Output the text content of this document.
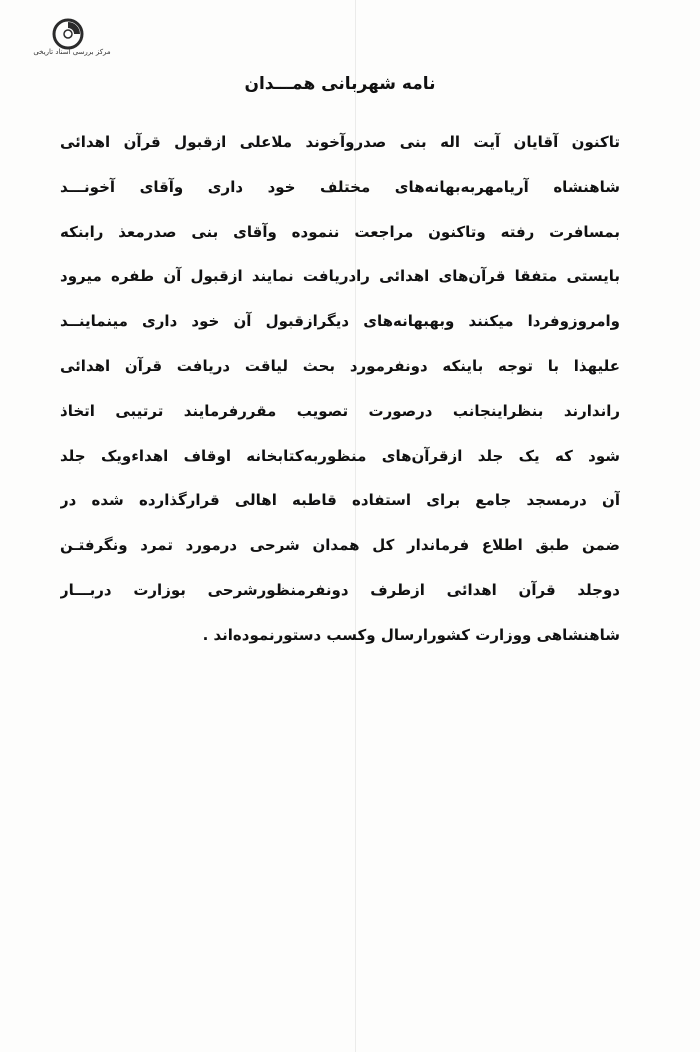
مرکز بررسی اسناد تاریخی
نامه شهربانی همـــدان
تاکنون آقایان آیت اله بنی صدروآخوند ملاعلی ازقبول قرآن اهدائی
شاهنشاه آریامهربه‌بهانه‌های مختلف خود داری وآقای آخونـــد
بمسافرت رفته وتاکنون مراجعت ننموده وآقای بنی صدرمعذ رابنکه
بایستی متفقا قرآن‌های اهدائی رادریافت نمایند ازقبول آن طفره میرود
وامروزوفردا میکنند وبهبهانه‌های دیگرازقبول آن خود داری مینماینــد
علیهذا با توجه باینکه دونفرمورد بحث لیاقت دریافت قرآن اهدائی
راندارند بنظراینجانب درصورت تصویب مقررفرمایند ترتیبی اتخاذ
شود که یک جلد ازقرآن‌های منظوربه‌کتابخانه اوقاف اهداءویک جلد
آن درمسجد جامع برای استفاده قاطبه اهالی قرارگذارده شده در
ضمن طبق اطلاع فرماندار کل همدان شرحی درمورد تمرد ونگرفتـن
دوجلد قرآن اهدائی ازطرف دونفرمنظورشرحی بوزارت دربـــار
شاهنشاهی ووزارت کشورارسال وکسب دستورنموده‌اند .
